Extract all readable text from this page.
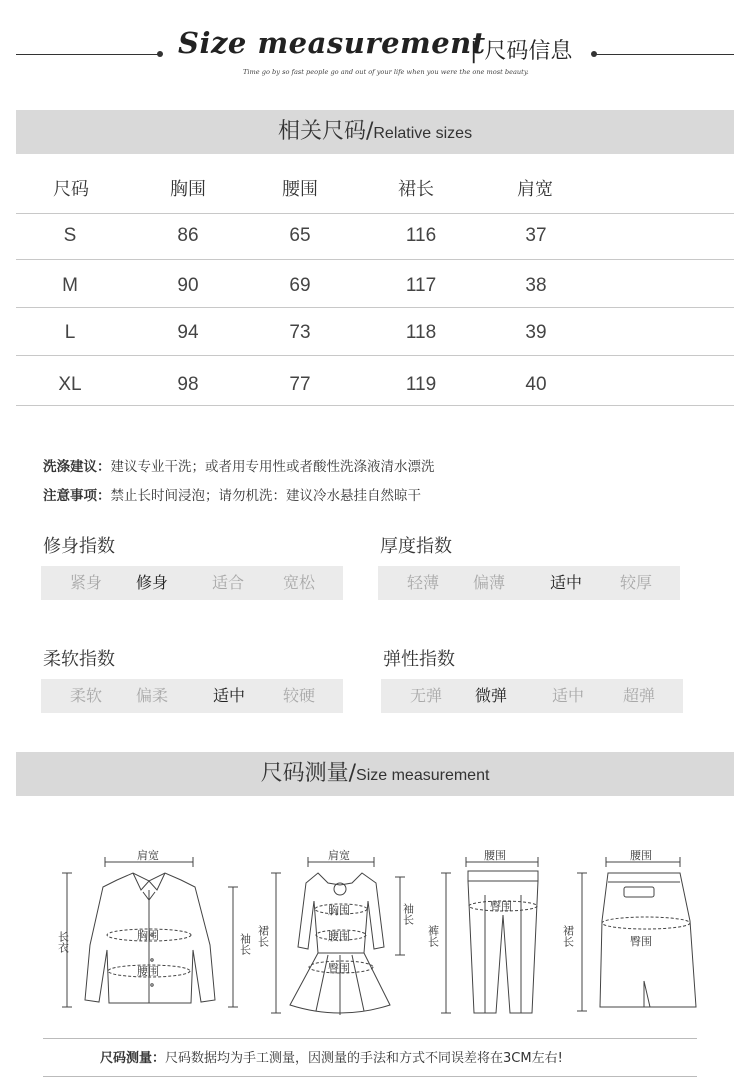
Size measurement
| 尺码信息
Time go by so fast people go and out of your life when you were the one most beauty.
相关尺码/Relative sizes
尺码	胸围	腰围	裙长	肩宽
S	86	65	116	37
M	90	69	117	38
L	94	73	118	39
XL	98	77	119	40
洗涤建议：建议专业干洗；或者用专用性或者酸性洗涤液清水漂洗
注意事项：禁止长时间浸泡；请勿机洗：建议冷水悬挂自然晾干
修身指数
紧身	修身	适合	宽松
厚度指数
轻薄	偏薄	适中	较厚
柔软指数
柔软	偏柔	适中	较硬
弹性指数
无弹	微弹	适中	超弹
尺码测量/Size measurement
肩宽
长衣	袖长
胸围
腰围
肩宽
裙长
袖长
胸围
腰围
臀围
腰围
裤长
臀围
腰围
裙长	臀围
尺码测量：尺码数据均为手工测量，因测量的手法和方式不同误差将在3CM左右!
